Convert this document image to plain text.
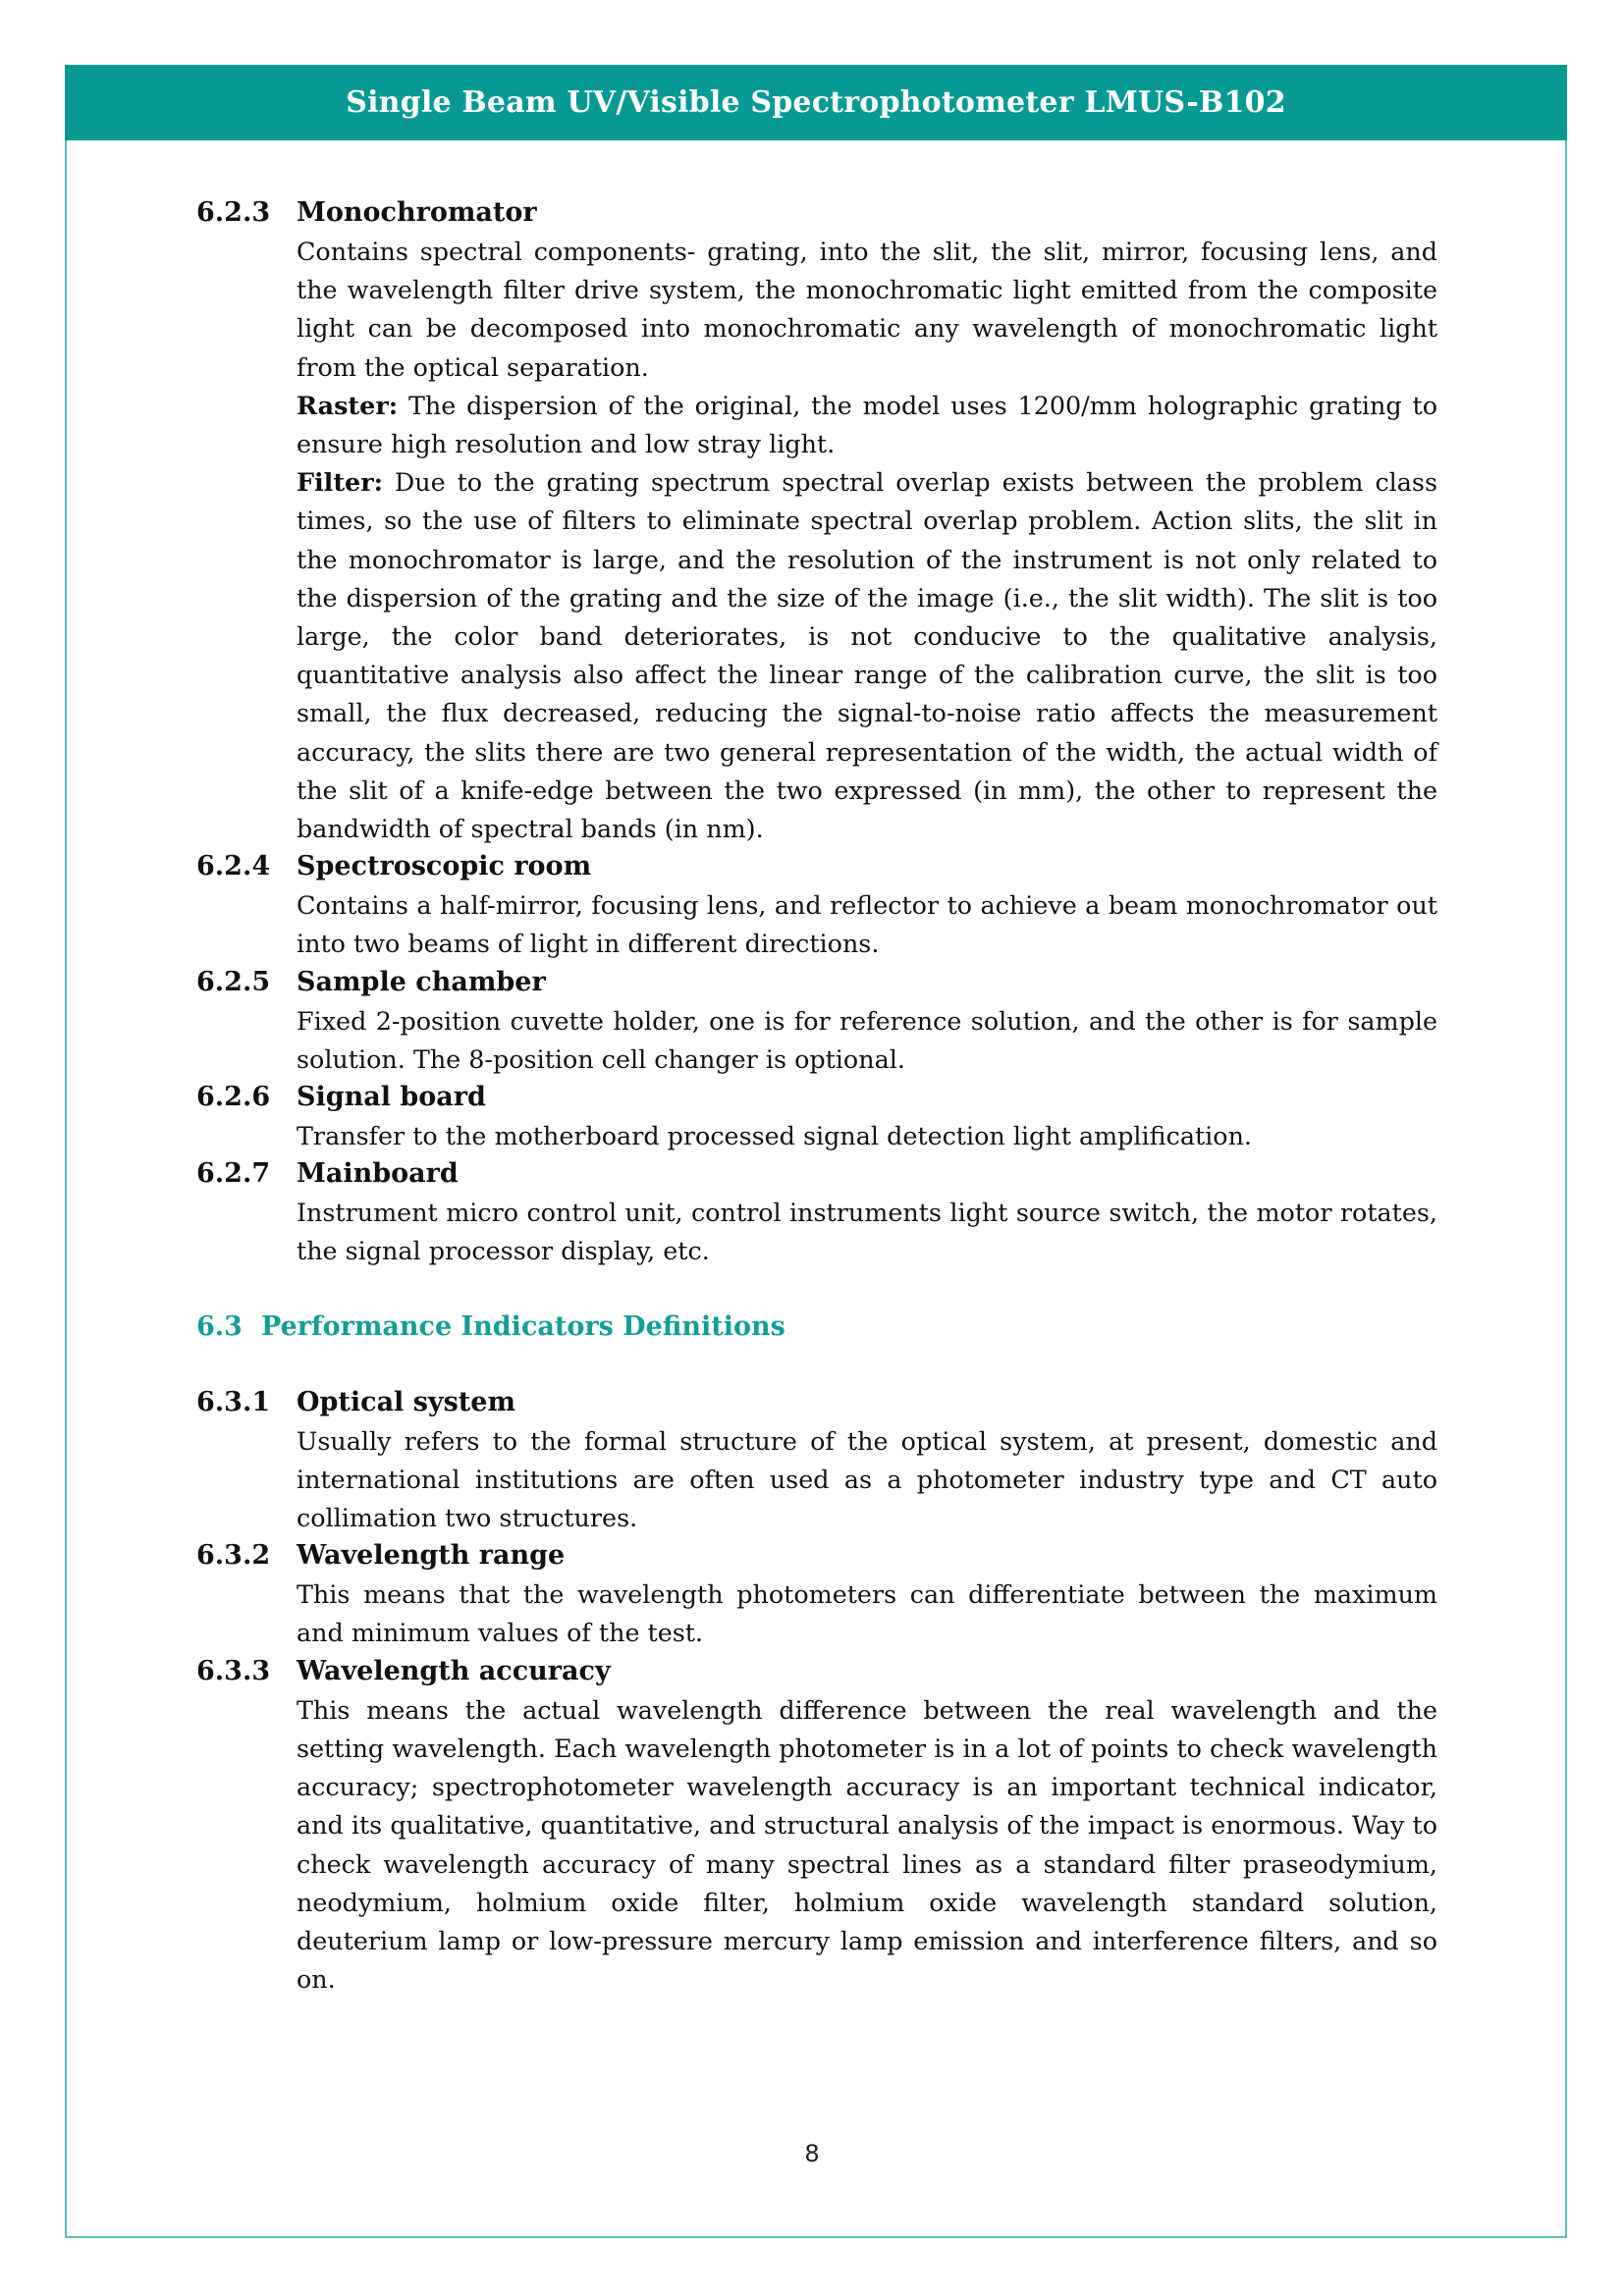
Single Beam UV/Visible Spectrophotometer LMUS-B102
6.2.3 Monochromator

Contains spectral components- grating, into the slit, the slit, mirror, focusing lens, and the wavelength filter drive system, the monochromatic light emitted from the composite light can be decomposed into monochromatic any wavelength of monochromatic light from the optical separation.

Raster: The dispersion of the original, the model uses 1200/mm holographic grating to ensure high resolution and low stray light.

Filter: Due to the grating spectrum spectral overlap exists between the problem class times, so the use of filters to eliminate spectral overlap problem. Action slits, the slit in the monochromator is large, and the resolution of the instrument is not only related to the dispersion of the grating and the size of the image (i.e., the slit width). The slit is too large, the color band deteriorates, is not conducive to the qualitative analysis, quantitative analysis also affect the linear range of the calibration curve, the slit is too small, the flux decreased, reducing the signal-to-noise ratio affects the measurement accuracy, the slits there are two general representation of the width, the actual width of the slit of a knife-edge between the two expressed (in mm), the other to represent the bandwidth of spectral bands (in nm).

6.2.4 Spectroscopic room

Contains a half-mirror, focusing lens, and reflector to achieve a beam monochromator out into two beams of light in different directions.

6.2.5 Sample chamber

Fixed 2-position cuvette holder, one is for reference solution, and the other is for sample solution. The 8-position cell changer is optional.

6.2.6 Signal board

Transfer to the motherboard processed signal detection light amplification.

6.2.7 Mainboard

Instrument micro control unit, control instruments light source switch, the motor rotates, the signal processor display, etc.

6.3 Performance Indicators Definitions
6.3.1 Optical system

Usually refers to the formal structure of the optical system, at present, domestic and international institutions are often used as a photometer industry type and CT auto collimation two structures.

6.3.2 Wavelength range

This means that the wavelength photometers can differentiate between the maximum and minimum values of the test.

6.3.3 Wavelength accuracy

This means the actual wavelength difference between the real wavelength and the setting wavelength. Each wavelength photometer is in a lot of points to check wavelength accuracy; spectrophotometer wavelength accuracy is an important technical indicator, and its qualitative, quantitative, and structural analysis of the impact is enormous. Way to check wavelength accuracy of many spectral lines as a standard filter praseodymium, neodymium, holmium oxide filter, holmium oxide wavelength standard solution, deuterium lamp or low-pressure mercury lamp emission and interference filters, and so on.

8
